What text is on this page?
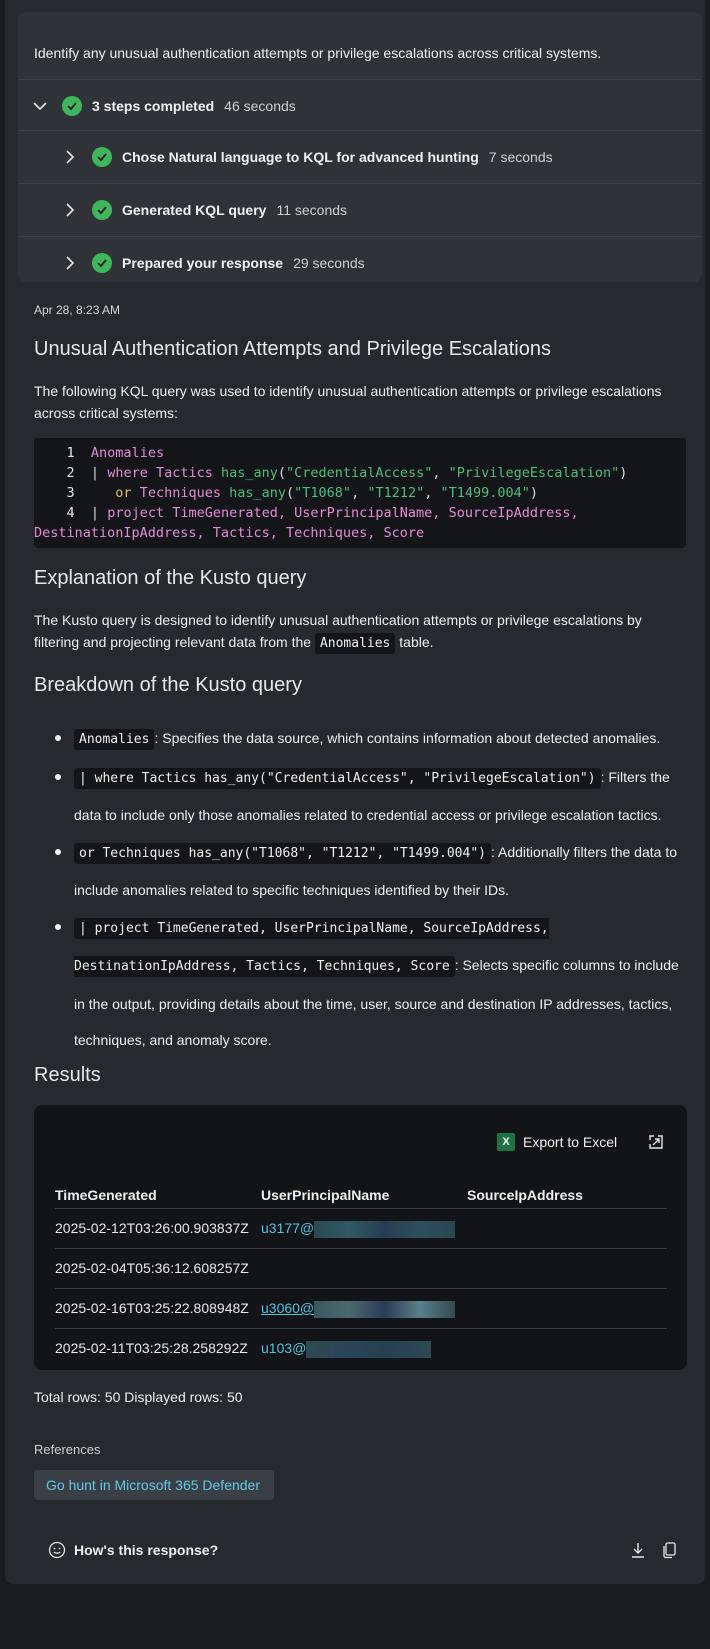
Identify any unusual authentication attempts or privilege escalations across critical systems.
3 steps completed 46 seconds
Chose Natural language to KQL for advanced hunting 7 seconds
Generated KQL query 11 seconds
Prepared your response 29 seconds
Apr 28, 8:23 AM
Unusual Authentication Attempts and Privilege Escalations
The following KQL query was used to identify unusual authentication attempts or privilege escalations across critical systems:
1 Anomalies
2 | where Tactics has_any("CredentialAccess", "PrivilegeEscalation")
3	or Techniques has_any("T1068", "T1212", "T1499.004")
4 | project TimeGenerated, UserPrincipalName, SourceIpAddress,
DestinationIpAddress, Tactics, Techniques, Score
Explanation of the Kusto query
The Kusto query is designed to identify unusual authentication attempts or privilege escalations by filtering and projecting relevant data from the Anomalies table.
Breakdown of the Kusto query
Anomalies : Specifies the data source, which contains information about detected anomalies.
| where Tactics has_any("CredentialAccess", "PrivilegeEscalation") : Filters the data to include only those anomalies related to credential access or privilege escalation tactics.
or Techniques has_any("T1068", "T1212", "T1499.004") : Additionally filters the data to include anomalies related to specific techniques identified by their IDs.
| project TimeGenerated, UserPrincipalName, SourceIpAddress, DestinationIpAddress, Tactics, Techniques, Score : Selects specific columns to include in the output, providing details about the time, user, source and destination IP addresses, tactics, techniques, and anomaly score.
Results
X Export to Excel
TimeGenerated	UserPrincipalName	SourceIpAddress
2025-02-12T03:26:00.903837Z u3177@
2025-02-04T05:36:12.608257Z
2025-02-16T03:25:22.808948Z u3060@
2025-02-11T03:25:28.258292Z u103@
Total rows: 50 Displayed rows: 50
References
Go hunt in Microsoft 365 Defender
How's this response?
